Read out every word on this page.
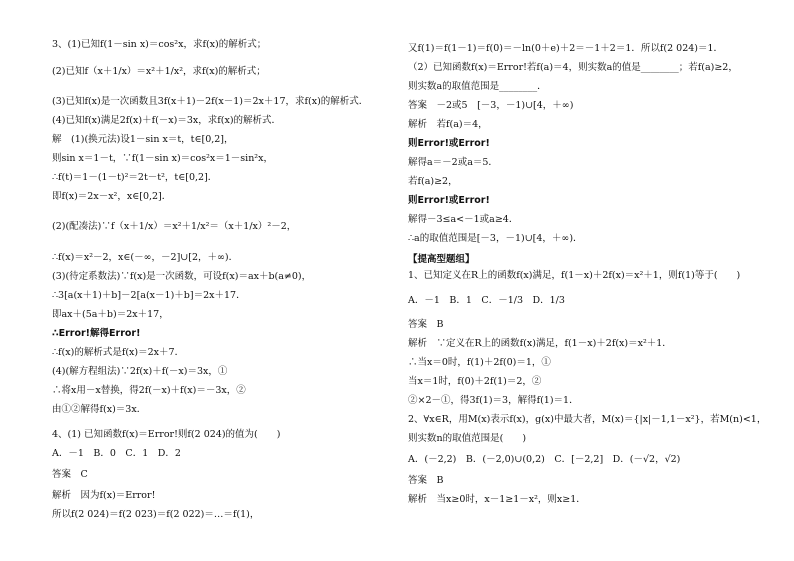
3、(1)已知f(1－sin x)＝cos²x，求f(x)的解析式；
(2)已知f（x＋1/x）＝x²＋1/x²，求f(x)的解析式；
(3)已知f(x)是一次函数且3f(x＋1)－2f(x－1)＝2x＋17，求f(x)的解析式．
(4)已知f(x)满足2f(x)＋f(－x)＝3x，求f(x)的解析式．
解　(1)(换元法)设1－sin x＝t，t∈[0,2]，
则sin x＝1－t，∵f(1－sin x)＝cos²x＝1－sin²x，
∴f(t)＝1－(1－t)²＝2t－t²，t∈[0,2]．
即f(x)＝2x－x²，x∈[0,2]．
(2)(配凑法)∵f（x＋1/x）＝x²＋1/x²＝（x＋1/x）²－2，
∴f(x)＝x²－2，x∈(－∞，－2]∪[2，＋∞)．
(3)(待定系数法)∵f(x)是一次函数，可设f(x)＝ax＋b(a≠0)，
∴3[a(x＋1)＋b]－2[a(x－1)＋b]＝2x＋17．
即ax＋(5a＋b)＝2x＋17，
∴Error!解得Error!
∴f(x)的解析式是f(x)＝2x＋7．
(4)(解方程组法)∵2f(x)＋f(－x)＝3x，①
∴将x用－x替换，得2f(－x)＋f(x)＝－3x，②
由①②解得f(x)＝3x．
4、(1) 已知函数f(x)＝Error!则f(2 024)的值为(　　)
A．－1　B．0　C．1　D．2
答案　C
解析　因为f(x)＝Error!
所以f(2 024)＝f(2 023)＝f(2 022)＝…＝f(1)，
又f(1)＝f(1－1)＝f(0)＝－ln(0＋e)＋2＝－1＋2＝1．所以f(2 024)＝1．
（2）已知函数f(x)＝Error!若f(a)＝4，则实数a的值是________；若f(a)≥2，
则实数a的取值范围是________．
答案　－2或5　[－3，－1)∪[4，＋∞)
解析　若f(a)＝4，
则Error!或Error!
解得a＝－2或a＝5．
若f(a)≥2，
则Error!或Error!
解得－3≤a<－1或a≥4．
∴a的取值范围是[－3，－1)∪[4，＋∞)．
【提高型题组】
1、已知定义在R上的函数f(x)满足，f(1－x)＋2f(x)＝x²＋1，则f(1)等于(　　)
A．－1　B．1　C．－1/3　D．1/3
答案　B
解析　∵定义在R上的函数f(x)满足，f(1－x)＋2f(x)＝x²＋1．
∴当x＝0时，f(1)＋2f(0)＝1，①
当x＝1时，f(0)＋2f(1)＝2，②
②×2－①，得3f(1)＝3，解得f(1)＝1．
2、∀x∈R，用M(x)表示f(x)，g(x)中最大者，M(x)＝{|x|－1,1－x²}，若M(n)<1，
则实数n的取值范围是(　　)
A．(－2,2)　B．(－2,0)∪(0,2)　C．[－2,2]　D．(－√2，√2)
答案　B
解析　当x≥0时，x－1≥1－x²，则x≥1．
